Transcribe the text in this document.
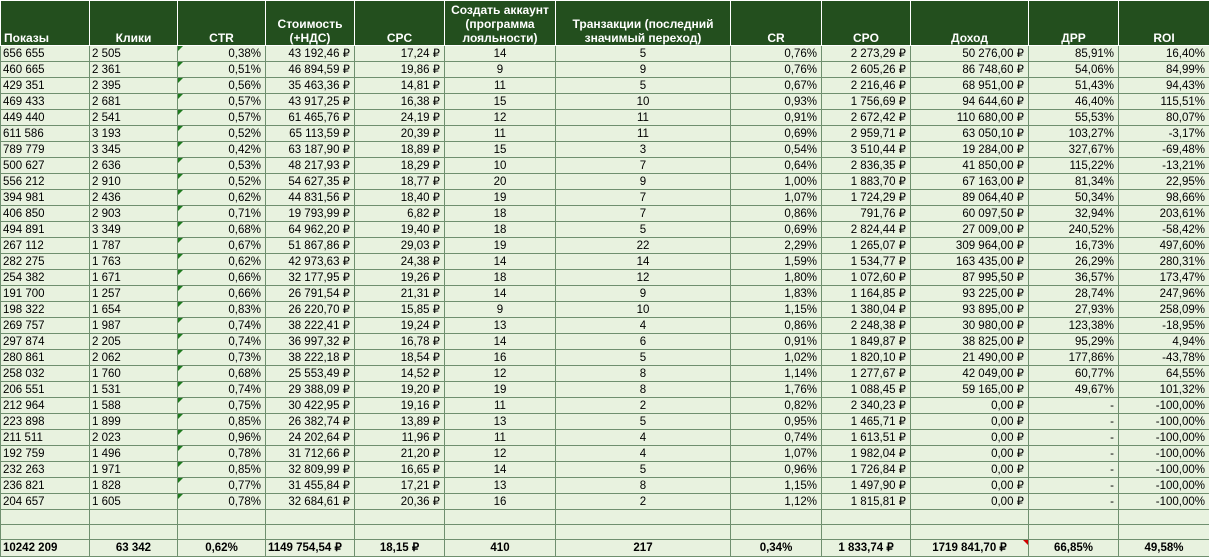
Показы	Клики	CTR	Стоимость (+НДС)	CPC	Создать аккаунт (программа лояльности)	Транзакции (последний значимый переход)	CR	CPO	Доход	ДРР	ROI
656 655	2 505	0,38%	43 192,46 ₽	17,24 ₽	14	5	0,76%	2 273,29 ₽	50 276,00 ₽	85,91%	16,40%
460 665	2 361	0,51%	46 894,59 ₽	19,86 ₽	9	9	0,76%	2 605,26 ₽	86 748,60 ₽	54,06%	84,99%
429 351	2 395	0,56%	35 463,36 ₽	14,81 ₽	11	5	0,67%	2 216,46 ₽	68 951,00 ₽	51,43%	94,43%
469 433	2 681	0,57%	43 917,25 ₽	16,38 ₽	15	10	0,93%	1 756,69 ₽	94 644,60 ₽	46,40%	115,51%
449 440	2 541	0,57%	61 465,76 ₽	24,19 ₽	12	11	0,91%	2 672,42 ₽	110 680,00 ₽	55,53%	80,07%
611 586	3 193	0,52%	65 113,59 ₽	20,39 ₽	11	11	0,69%	2 959,71 ₽	63 050,10 ₽	103,27%	-3,17%
789 779	3 345	0,42%	63 187,90 ₽	18,89 ₽	15	3	0,54%	3 510,44 ₽	19 284,00 ₽	327,67%	-69,48%
500 627	2 636	0,53%	48 217,93 ₽	18,29 ₽	10	7	0,64%	2 836,35 ₽	41 850,00 ₽	115,22%	-13,21%
556 212	2 910	0,52%	54 627,35 ₽	18,77 ₽	20	9	1,00%	1 883,70 ₽	67 163,00 ₽	81,34%	22,95%
394 981	2 436	0,62%	44 831,56 ₽	18,40 ₽	19	7	1,07%	1 724,29 ₽	89 064,40 ₽	50,34%	98,66%
406 850	2 903	0,71%	19 793,99 ₽	6,82 ₽	18	7	0,86%	791,76 ₽	60 097,50 ₽	32,94%	203,61%
494 891	3 349	0,68%	64 962,20 ₽	19,40 ₽	18	5	0,69%	2 824,44 ₽	27 009,00 ₽	240,52%	-58,42%
267 112	1 787	0,67%	51 867,86 ₽	29,03 ₽	19	22	2,29%	1 265,07 ₽	309 964,00 ₽	16,73%	497,60%
282 275	1 763	0,62%	42 973,63 ₽	24,38 ₽	14	14	1,59%	1 534,77 ₽	163 435,00 ₽	26,29%	280,31%
254 382	1 671	0,66%	32 177,95 ₽	19,26 ₽	18	12	1,80%	1 072,60 ₽	87 995,50 ₽	36,57%	173,47%
191 700	1 257	0,66%	26 791,54 ₽	21,31 ₽	14	9	1,83%	1 164,85 ₽	93 225,00 ₽	28,74%	247,96%
198 322	1 654	0,83%	26 220,70 ₽	15,85 ₽	9	10	1,15%	1 380,04 ₽	93 895,00 ₽	27,93%	258,09%
269 757	1 987	0,74%	38 222,41 ₽	19,24 ₽	13	4	0,86%	2 248,38 ₽	30 980,00 ₽	123,38%	-18,95%
297 874	2 205	0,74%	36 997,32 ₽	16,78 ₽	14	6	0,91%	1 849,87 ₽	38 825,00 ₽	95,29%	4,94%
280 861	2 062	0,73%	38 222,18 ₽	18,54 ₽	16	5	1,02%	1 820,10 ₽	21 490,00 ₽	177,86%	-43,78%
258 032	1 760	0,68%	25 553,49 ₽	14,52 ₽	12	8	1,14%	1 277,67 ₽	42 049,00 ₽	60,77%	64,55%
206 551	1 531	0,74%	29 388,09 ₽	19,20 ₽	19	8	1,76%	1 088,45 ₽	59 165,00 ₽	49,67%	101,32%
212 964	1 588	0,75%	30 422,95 ₽	19,16 ₽	11	2	0,82%	2 340,23 ₽	0,00 ₽	-	-100,00%
223 898	1 899	0,85%	26 382,74 ₽	13,89 ₽	13	5	0,95%	1 465,71 ₽	0,00 ₽	-	-100,00%
211 511	2 023	0,96%	24 202,64 ₽	11,96 ₽	11	4	0,74%	1 613,51 ₽	0,00 ₽	-	-100,00%
192 759	1 496	0,78%	31 712,66 ₽	21,20 ₽	12	4	1,07%	1 982,04 ₽	0,00 ₽	-	-100,00%
232 263	1 971	0,85%	32 809,99 ₽	16,65 ₽	14	5	0,96%	1 726,84 ₽	0,00 ₽	-	-100,00%
236 821	1 828	0,77%	31 455,84 ₽	17,21 ₽	13	8	1,15%	1 497,90 ₽	0,00 ₽	-	-100,00%
204 657	1 605	0,78%	32 684,61 ₽	20,36 ₽	16	2	1,12%	1 815,81 ₽	0,00 ₽	-	-100,00%

10242 209	63 342	0,62%	1149 754,54 ₽	18,15 ₽	410	217	0,34%	1 833,74 ₽	1719 841,70 ₽	66,85%	49,58%
